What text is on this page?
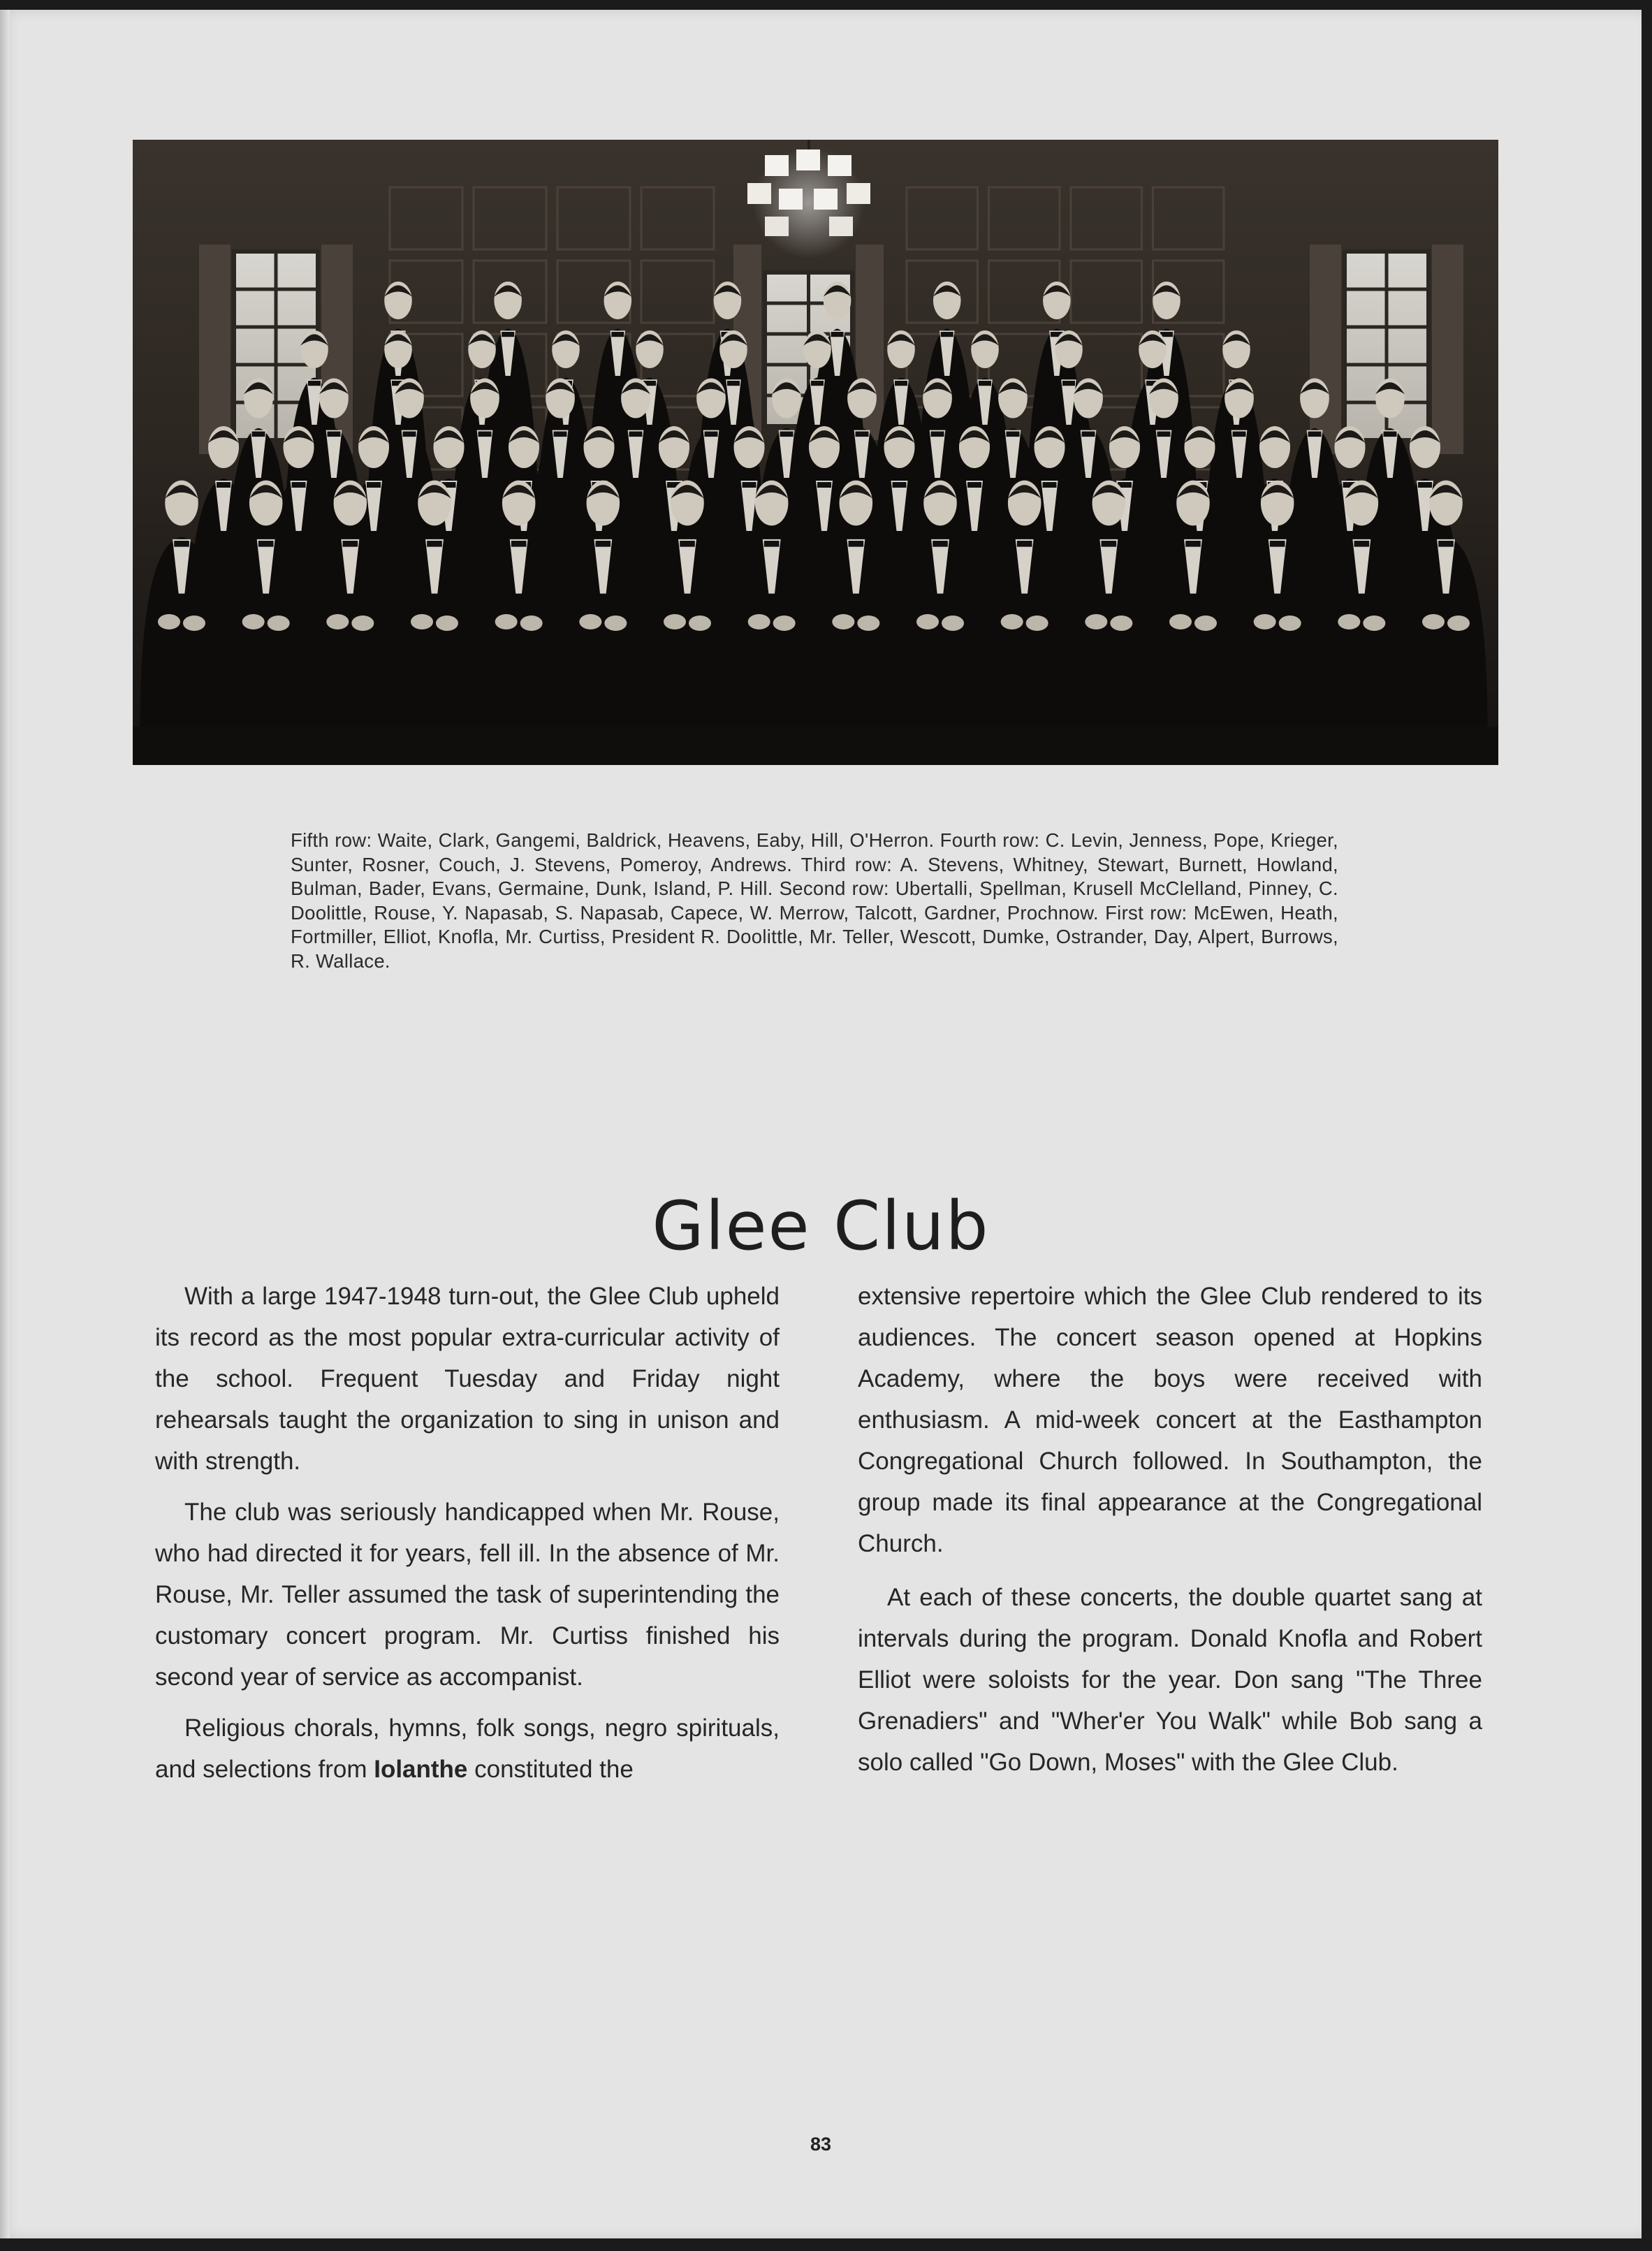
Fifth row: Waite, Clark, Gangemi, Baldrick, Heavens, Eaby, Hill, O'Herron. Fourth row: C. Levin, Jenness, Pope, Krieger, Sunter, Rosner, Couch, J. Stevens, Pomeroy, Andrews. Third row: A. Stevens, Whitney, Stewart, Burnett, Howland, Bulman, Bader, Evans, Germaine, Dunk, Island, P. Hill. Second row: Ubertalli, Spellman, Krusell McClelland, Pinney, C. Doolittle, Rouse, Y. Napasab, S. Napasab, Capece, W. Merrow, Talcott, Gardner, Prochnow. First row: McEwen, Heath, Fortmiller, Elliot, Knofla, Mr. Curtiss, President R. Doolittle, Mr. Teller, Wescott, Dumke, Ostrander, Day, Alpert, Burrows, R. Wallace.
Glee Club

With a large 1947-1948 turn-out, the Glee Club upheld its record as the most popular extra-curricular activity of the school. Frequent Tuesday and Friday night rehearsals taught the organization to sing in unison and with strength.

The club was seriously handicapped when Mr. Rouse, who had directed it for years, fell ill. In the absence of Mr. Rouse, Mr. Teller assumed the task of superintending the customary concert program. Mr. Curtiss finished his second year of service as accompanist.

Religious chorals, hymns, folk songs, negro spirituals, and selections from Iolanthe constituted the

extensive repertoire which the Glee Club rendered to its audiences. The concert season opened at Hopkins Academy, where the boys were received with enthusiasm. A mid-week concert at the Easthampton Congregational Church followed. In Southampton, the group made its final appearance at the Congregational Church.

At each of these concerts, the double quartet sang at intervals during the program. Donald Knofla and Robert Elliot were soloists for the year. Don sang "The Three Grenadiers" and "Wher'er You Walk" while Bob sang a solo called "Go Down, Moses" with the Glee Club.

83
